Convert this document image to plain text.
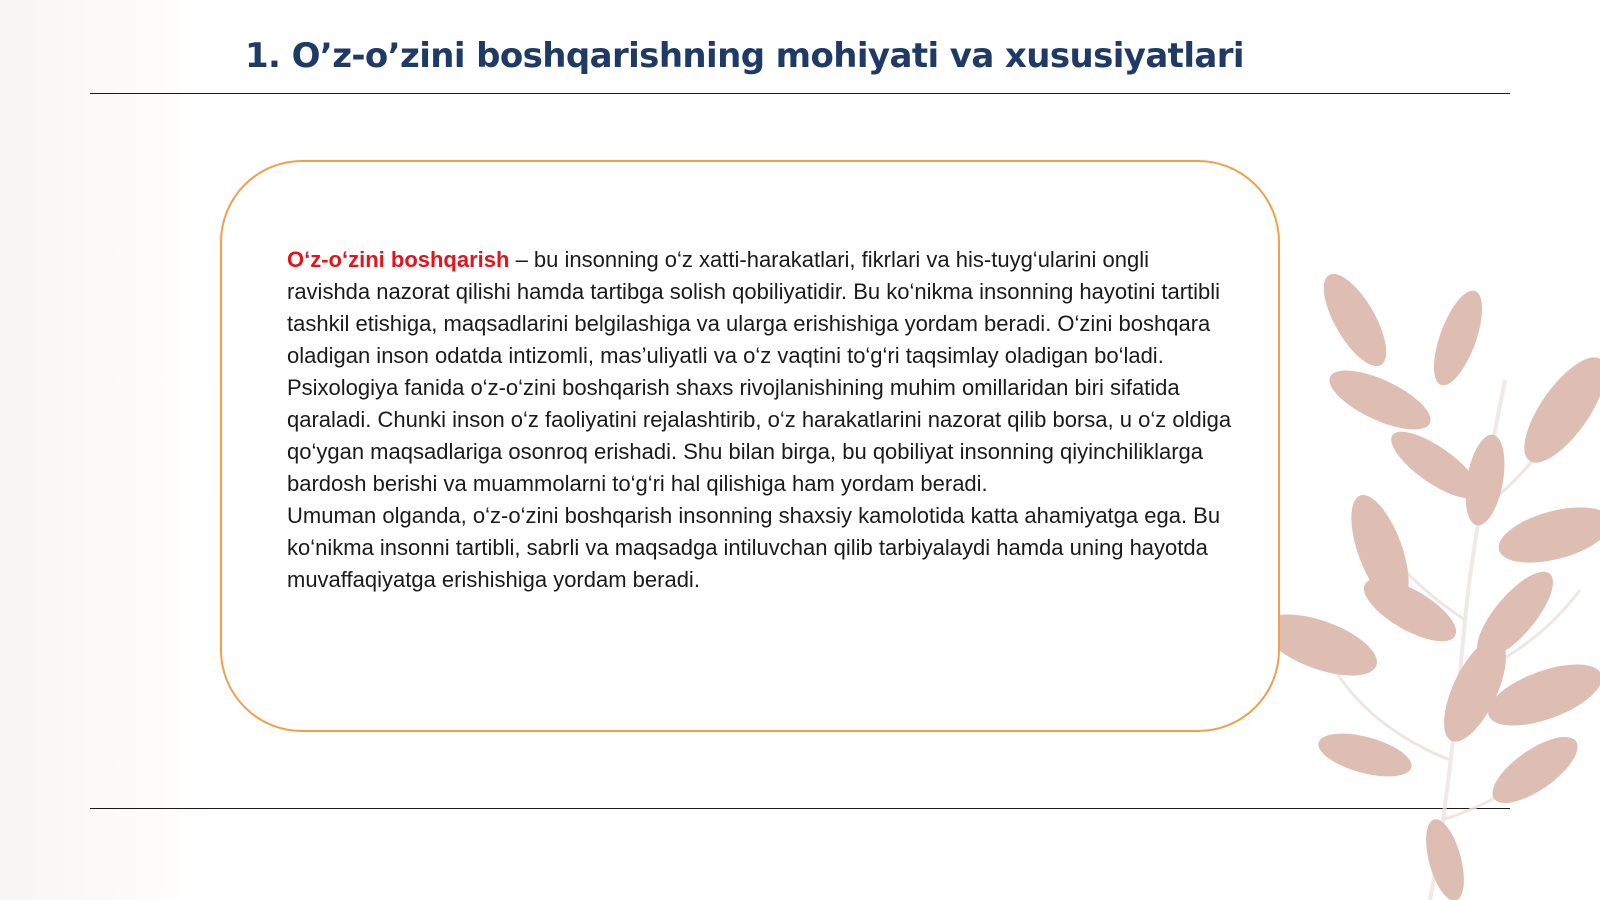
1. O’z-o’zini boshqarishning mohiyati va xususiyatlari

O‘z-o‘zini boshqarish – bu insonning o‘z xatti-harakatlari, fikrlari va his-tuyg‘ularini ongli ravishda nazorat qilishi hamda tartibga solish qobiliyatidir. Bu ko‘nikma insonning hayotini tartibli tashkil etishiga, maqsadlarini belgilashiga va ularga erishishiga yordam beradi. O‘zini boshqara oladigan inson odatda intizomli, mas’uliyatli va o‘z vaqtini to‘g‘ri taqsimlay oladigan bo‘ladi. Psixologiya fanida o‘z-o‘zini boshqarish shaxs rivojlanishining muhim omillaridan biri sifatida qaraladi. Chunki inson o‘z faoliyatini rejalashtirib, o‘z harakatlarini nazorat qilib borsa, u o‘z oldiga qo‘ygan maqsadlariga osonroq erishadi. Shu bilan birga, bu qobiliyat insonning qiyinchiliklarga bardosh berishi va muammolarni to‘g‘ri hal qilishiga ham yordam beradi.

Umuman olganda, o‘z-o‘zini boshqarish insonning shaxsiy kamolotida katta ahamiyatga ega. Bu ko‘nikma insonni tartibli, sabrli va maqsadga intiluvchan qilib tarbiyalaydi hamda uning hayotda muvaffaqiyatga erishishiga yordam beradi.
